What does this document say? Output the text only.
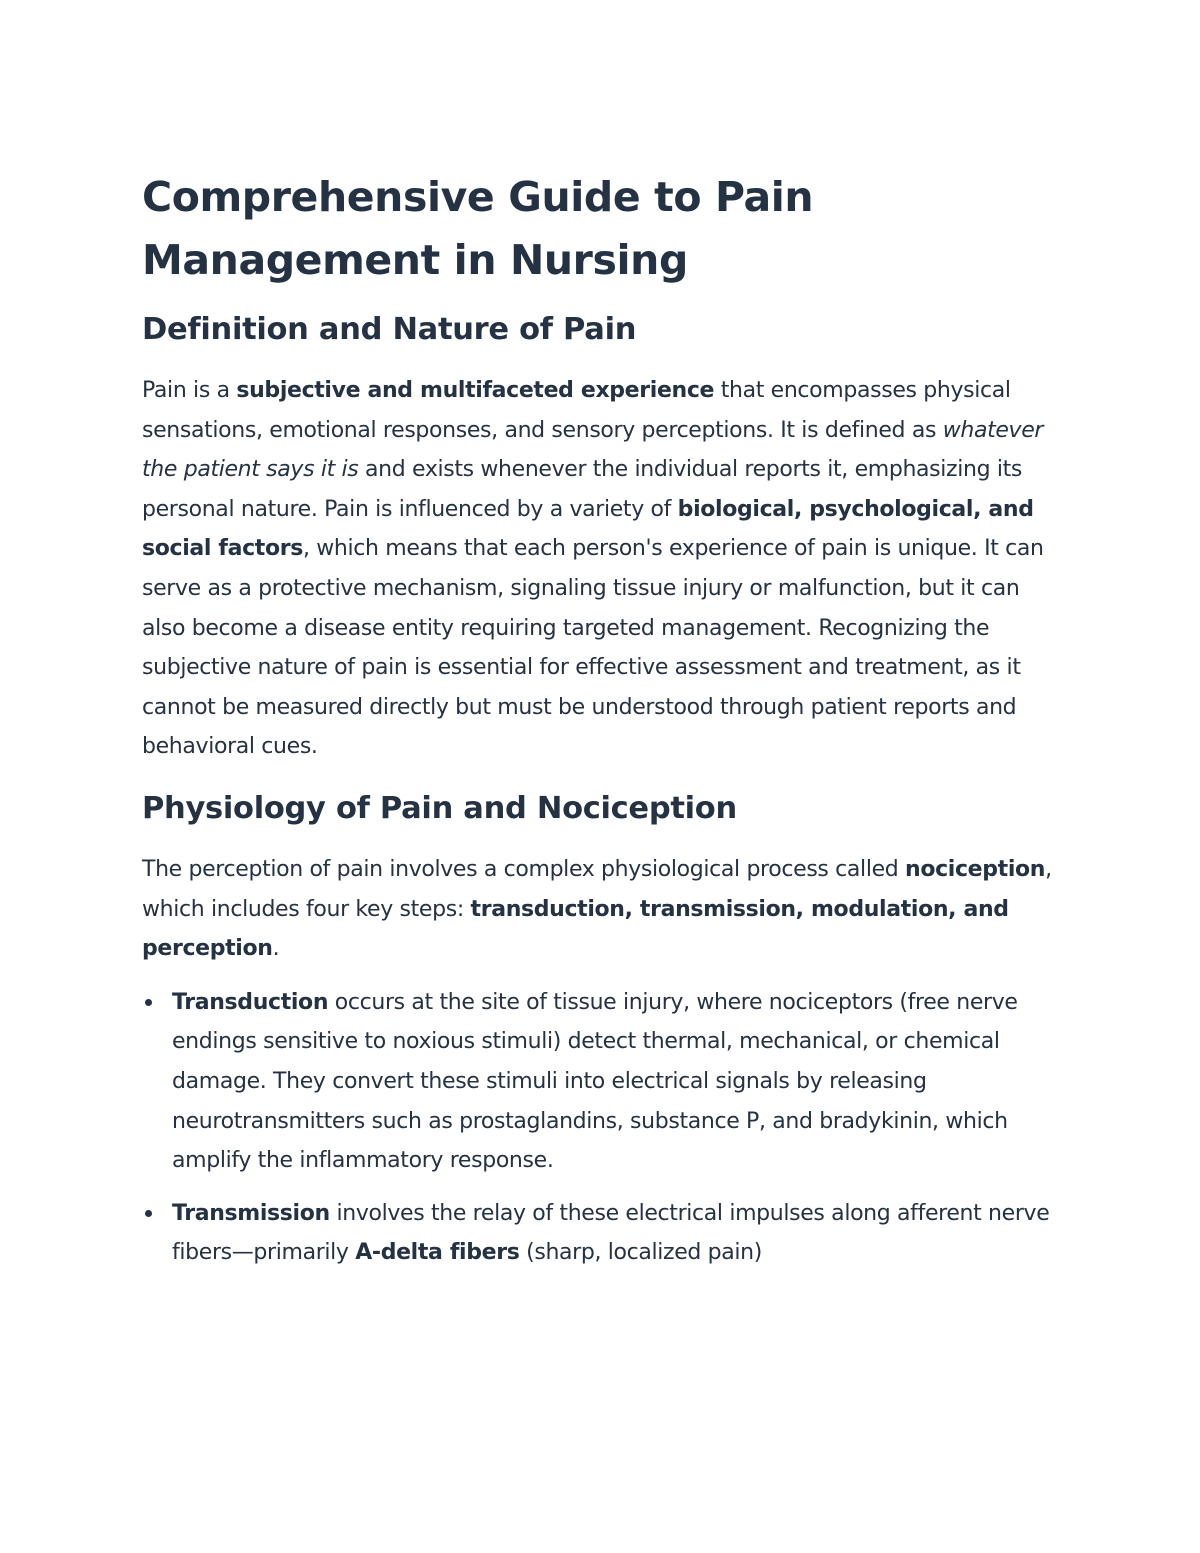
Comprehensive Guide to Pain
Management in Nursing
Definition and Nature of Pain

Pain is a subjective and multifaceted experience that encompasses physical sensations, emotional responses, and sensory perceptions. It is defined as whatever the patient says it is and exists whenever the individual reports it, emphasizing its personal nature. Pain is influenced by a variety of biological, psychological, and social factors, which means that each person's experience of pain is unique. It can serve as a protective mechanism, signaling tissue injury or malfunction, but it can also become a disease entity requiring targeted management. Recognizing the subjective nature of pain is essential for effective assessment and treatment, as it cannot be measured directly but must be understood through patient reports and behavioral cues.

Physiology of Pain and Nociception

The perception of pain involves a complex physiological process called nociception, which includes four key steps: transduction, transmission, modulation, and perception.

Transduction occurs at the site of tissue injury, where nociceptors (free nerve endings sensitive to noxious stimuli) detect thermal, mechanical, or chemical damage. They convert these stimuli into electrical signals by releasing neurotransmitters such as prostaglandins, substance P, and bradykinin, which amplify the inflammatory response.
Transmission involves the relay of these electrical impulses along afferent nerve fibers—primarily A-delta fibers (sharp, localized pain)
